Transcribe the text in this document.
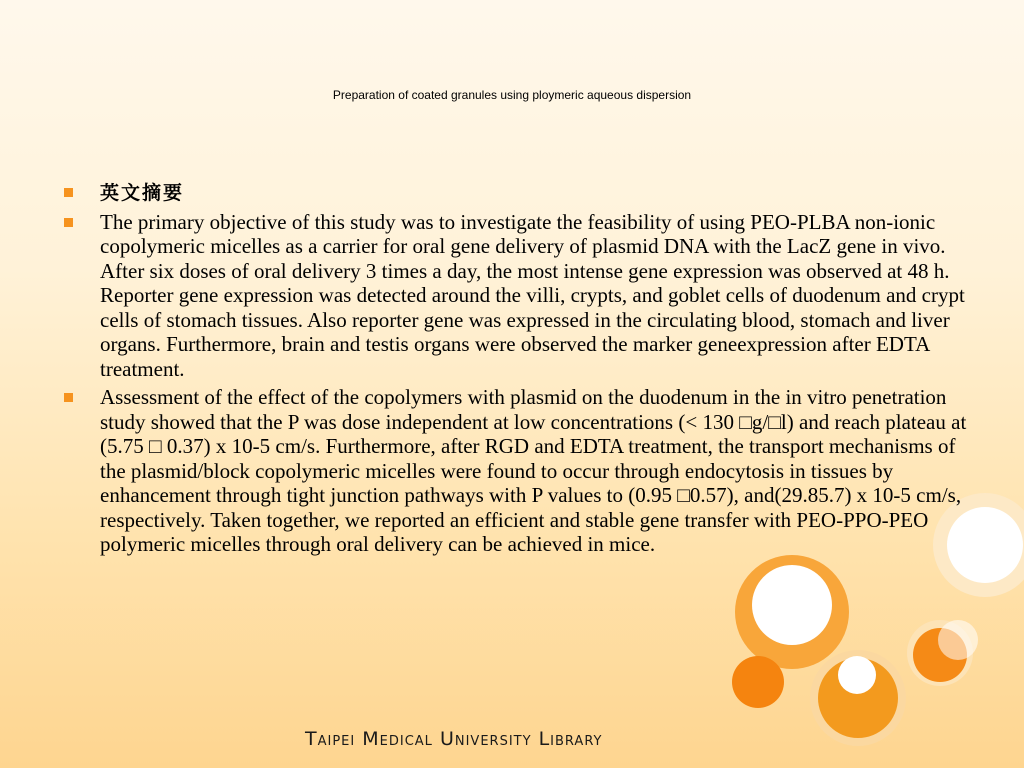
Preparation of coated granules using ploymeric aqueous dispersion
英文摘要
The primary objective of this study was to investigate the feasibility of using PEO-PLBA non-ionic copolymeric micelles as a carrier for oral gene delivery of plasmid DNA with the LacZ gene in vivo. After six doses of oral delivery 3 times a day, the most intense gene expression was observed at 48 h. Reporter gene expression was detected around the villi, crypts, and goblet cells of duodenum and crypt cells of stomach tissues. Also reporter gene was expressed in the circulating blood, stomach and liver organs. Furthermore, brain and testis organs were observed the marker geneexpression after EDTA treatment.
Assessment of the effect of the copolymers with plasmid on the duodenum in the in vitro penetration study showed that the P was dose independent at low concentrations (< 130 □g/□l) and reach plateau at (5.75 □ 0.37) x 10-5 cm/s. Furthermore, after RGD and EDTA treatment, the transport mechanisms of the plasmid/block copolymeric micelles were found to occur through endocytosis in tissues by enhancement through tight junction pathways with P values to (0.95 □0.57), and(29.85.7) x 10-5 cm/s, respectively. Taken together, we reported an efficient and stable gene transfer with PEO-PPO-PEO polymeric micelles through oral delivery can be achieved in mice.
Taipei Medical University Library
